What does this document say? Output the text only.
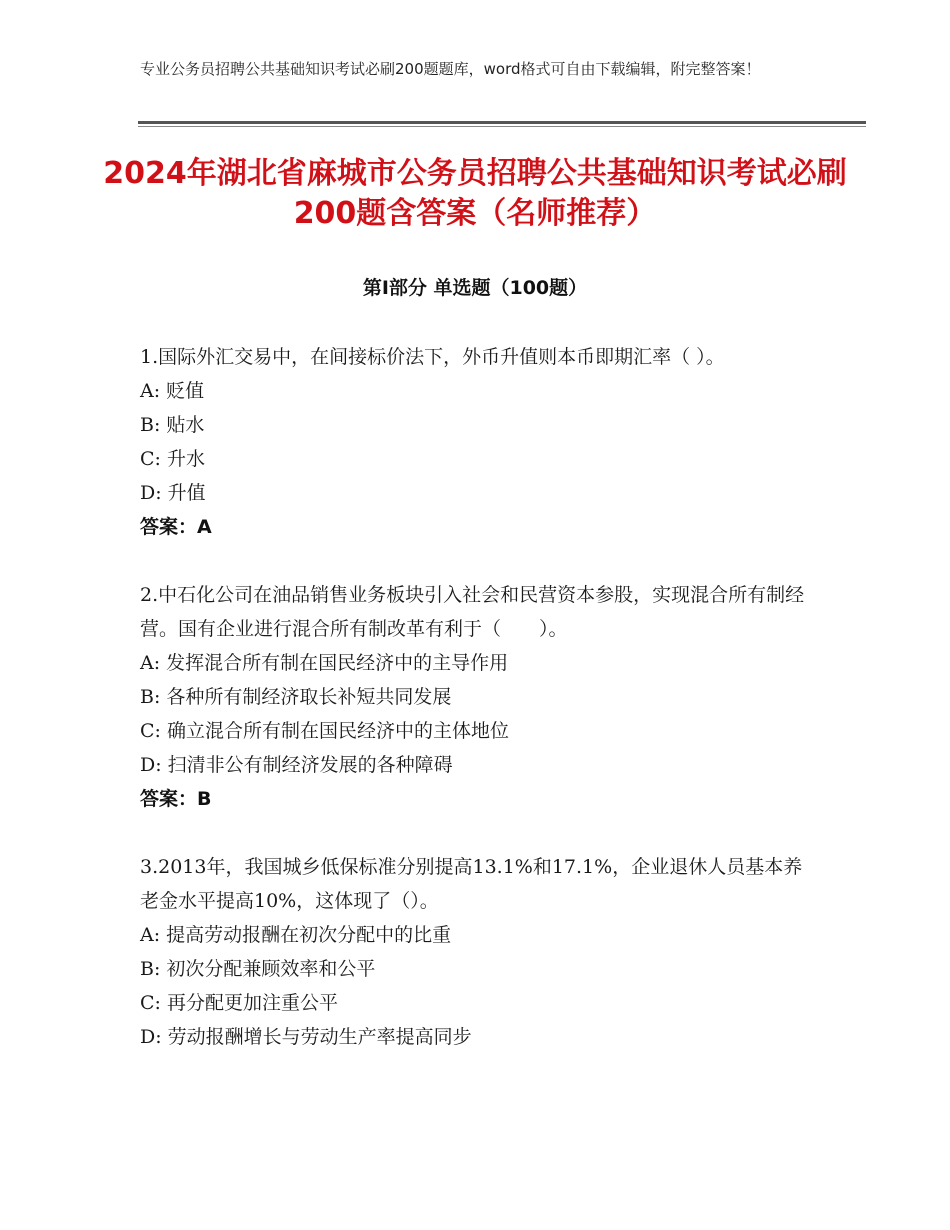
专业公务员招聘公共基础知识考试必刷200题题库，word格式可自由下载编辑，附完整答案！
2024年湖北省麻城市公务员招聘公共基础知识考试必刷200题含答案（名师推荐）
第Ⅰ部分 单选题（100题）

1.国际外汇交易中，在间接标价法下，外币升值则本币即期汇率（ ）。

A: 贬值

B: 贴水

C: 升水

D: 升值

答案：A

2.中石化公司在油品销售业务板块引入社会和民营资本参股，实现混合所有制经营。国有企业进行混合所有制改革有利于（　　）。

A: 发挥混合所有制在国民经济中的主导作用

B: 各种所有制经济取长补短共同发展

C: 确立混合所有制在国民经济中的主体地位

D: 扫清非公有制经济发展的各种障碍

答案：B

3.2013年，我国城乡低保标准分别提高13.1%和17.1%，企业退休人员基本养老金水平提高10%，这体现了（）。

A: 提高劳动报酬在初次分配中的比重

B: 初次分配兼顾效率和公平

C: 再分配更加注重公平

D: 劳动报酬增长与劳动生产率提高同步
